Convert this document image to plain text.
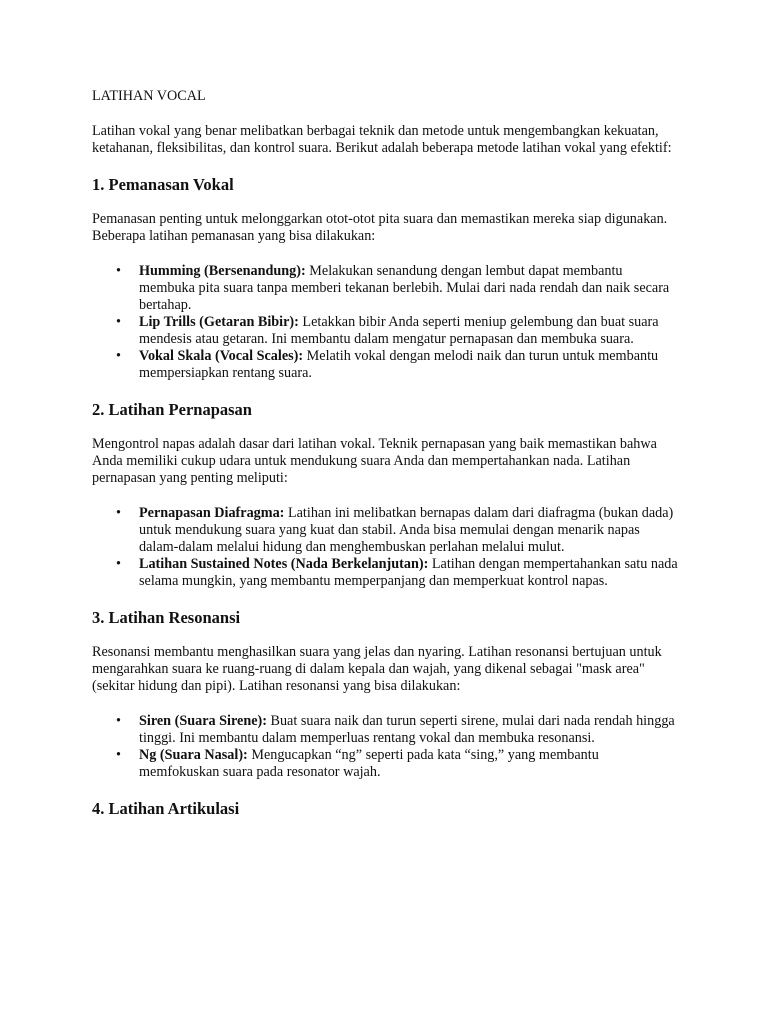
LATIHAN VOCAL

Latihan vokal yang benar melibatkan berbagai teknik dan metode untuk mengembangkan kekuatan, ketahanan, fleksibilitas, dan kontrol suara. Berikut adalah beberapa metode latihan vokal yang efektif:

1. Pemanasan Vokal

Pemanasan penting untuk melonggarkan otot-otot pita suara dan memastikan mereka siap digunakan. Beberapa latihan pemanasan yang bisa dilakukan:

• Humming (Bersenandung): Melakukan senandung dengan lembut dapat membantu membuka pita suara tanpa memberi tekanan berlebih. Mulai dari nada rendah dan naik secara bertahap.
• Lip Trills (Getaran Bibir): Letakkan bibir Anda seperti meniup gelembung dan buat suara mendesis atau getaran. Ini membantu dalam mengatur pernapasan dan membuka suara.
• Vokal Skala (Vocal Scales): Melatih vokal dengan melodi naik dan turun untuk membantu mempersiapkan rentang suara.
2. Latihan Pernapasan

Mengontrol napas adalah dasar dari latihan vokal. Teknik pernapasan yang baik memastikan bahwa Anda memiliki cukup udara untuk mendukung suara Anda dan mempertahankan nada. Latihan pernapasan yang penting meliputi:

• Pernapasan Diafragma: Latihan ini melibatkan bernapas dalam dari diafragma (bukan dada) untuk mendukung suara yang kuat dan stabil. Anda bisa memulai dengan menarik napas dalam-dalam melalui hidung dan menghembuskan perlahan melalui mulut.
• Latihan Sustained Notes (Nada Berkelanjutan): Latihan dengan mempertahankan satu nada selama mungkin, yang membantu memperpanjang dan memperkuat kontrol napas.
3. Latihan Resonansi

Resonansi membantu menghasilkan suara yang jelas dan nyaring. Latihan resonansi bertujuan untuk mengarahkan suara ke ruang-ruang di dalam kepala dan wajah, yang dikenal sebagai "mask area" (sekitar hidung dan pipi). Latihan resonansi yang bisa dilakukan:

• Siren (Suara Sirene): Buat suara naik dan turun seperti sirene, mulai dari nada rendah hingga tinggi. Ini membantu dalam memperluas rentang vokal dan membuka resonansi.
• Ng (Suara Nasal): Mengucapkan “ng” seperti pada kata “sing,” yang membantu memfokuskan suara pada resonator wajah.
4. Latihan Artikulasi
